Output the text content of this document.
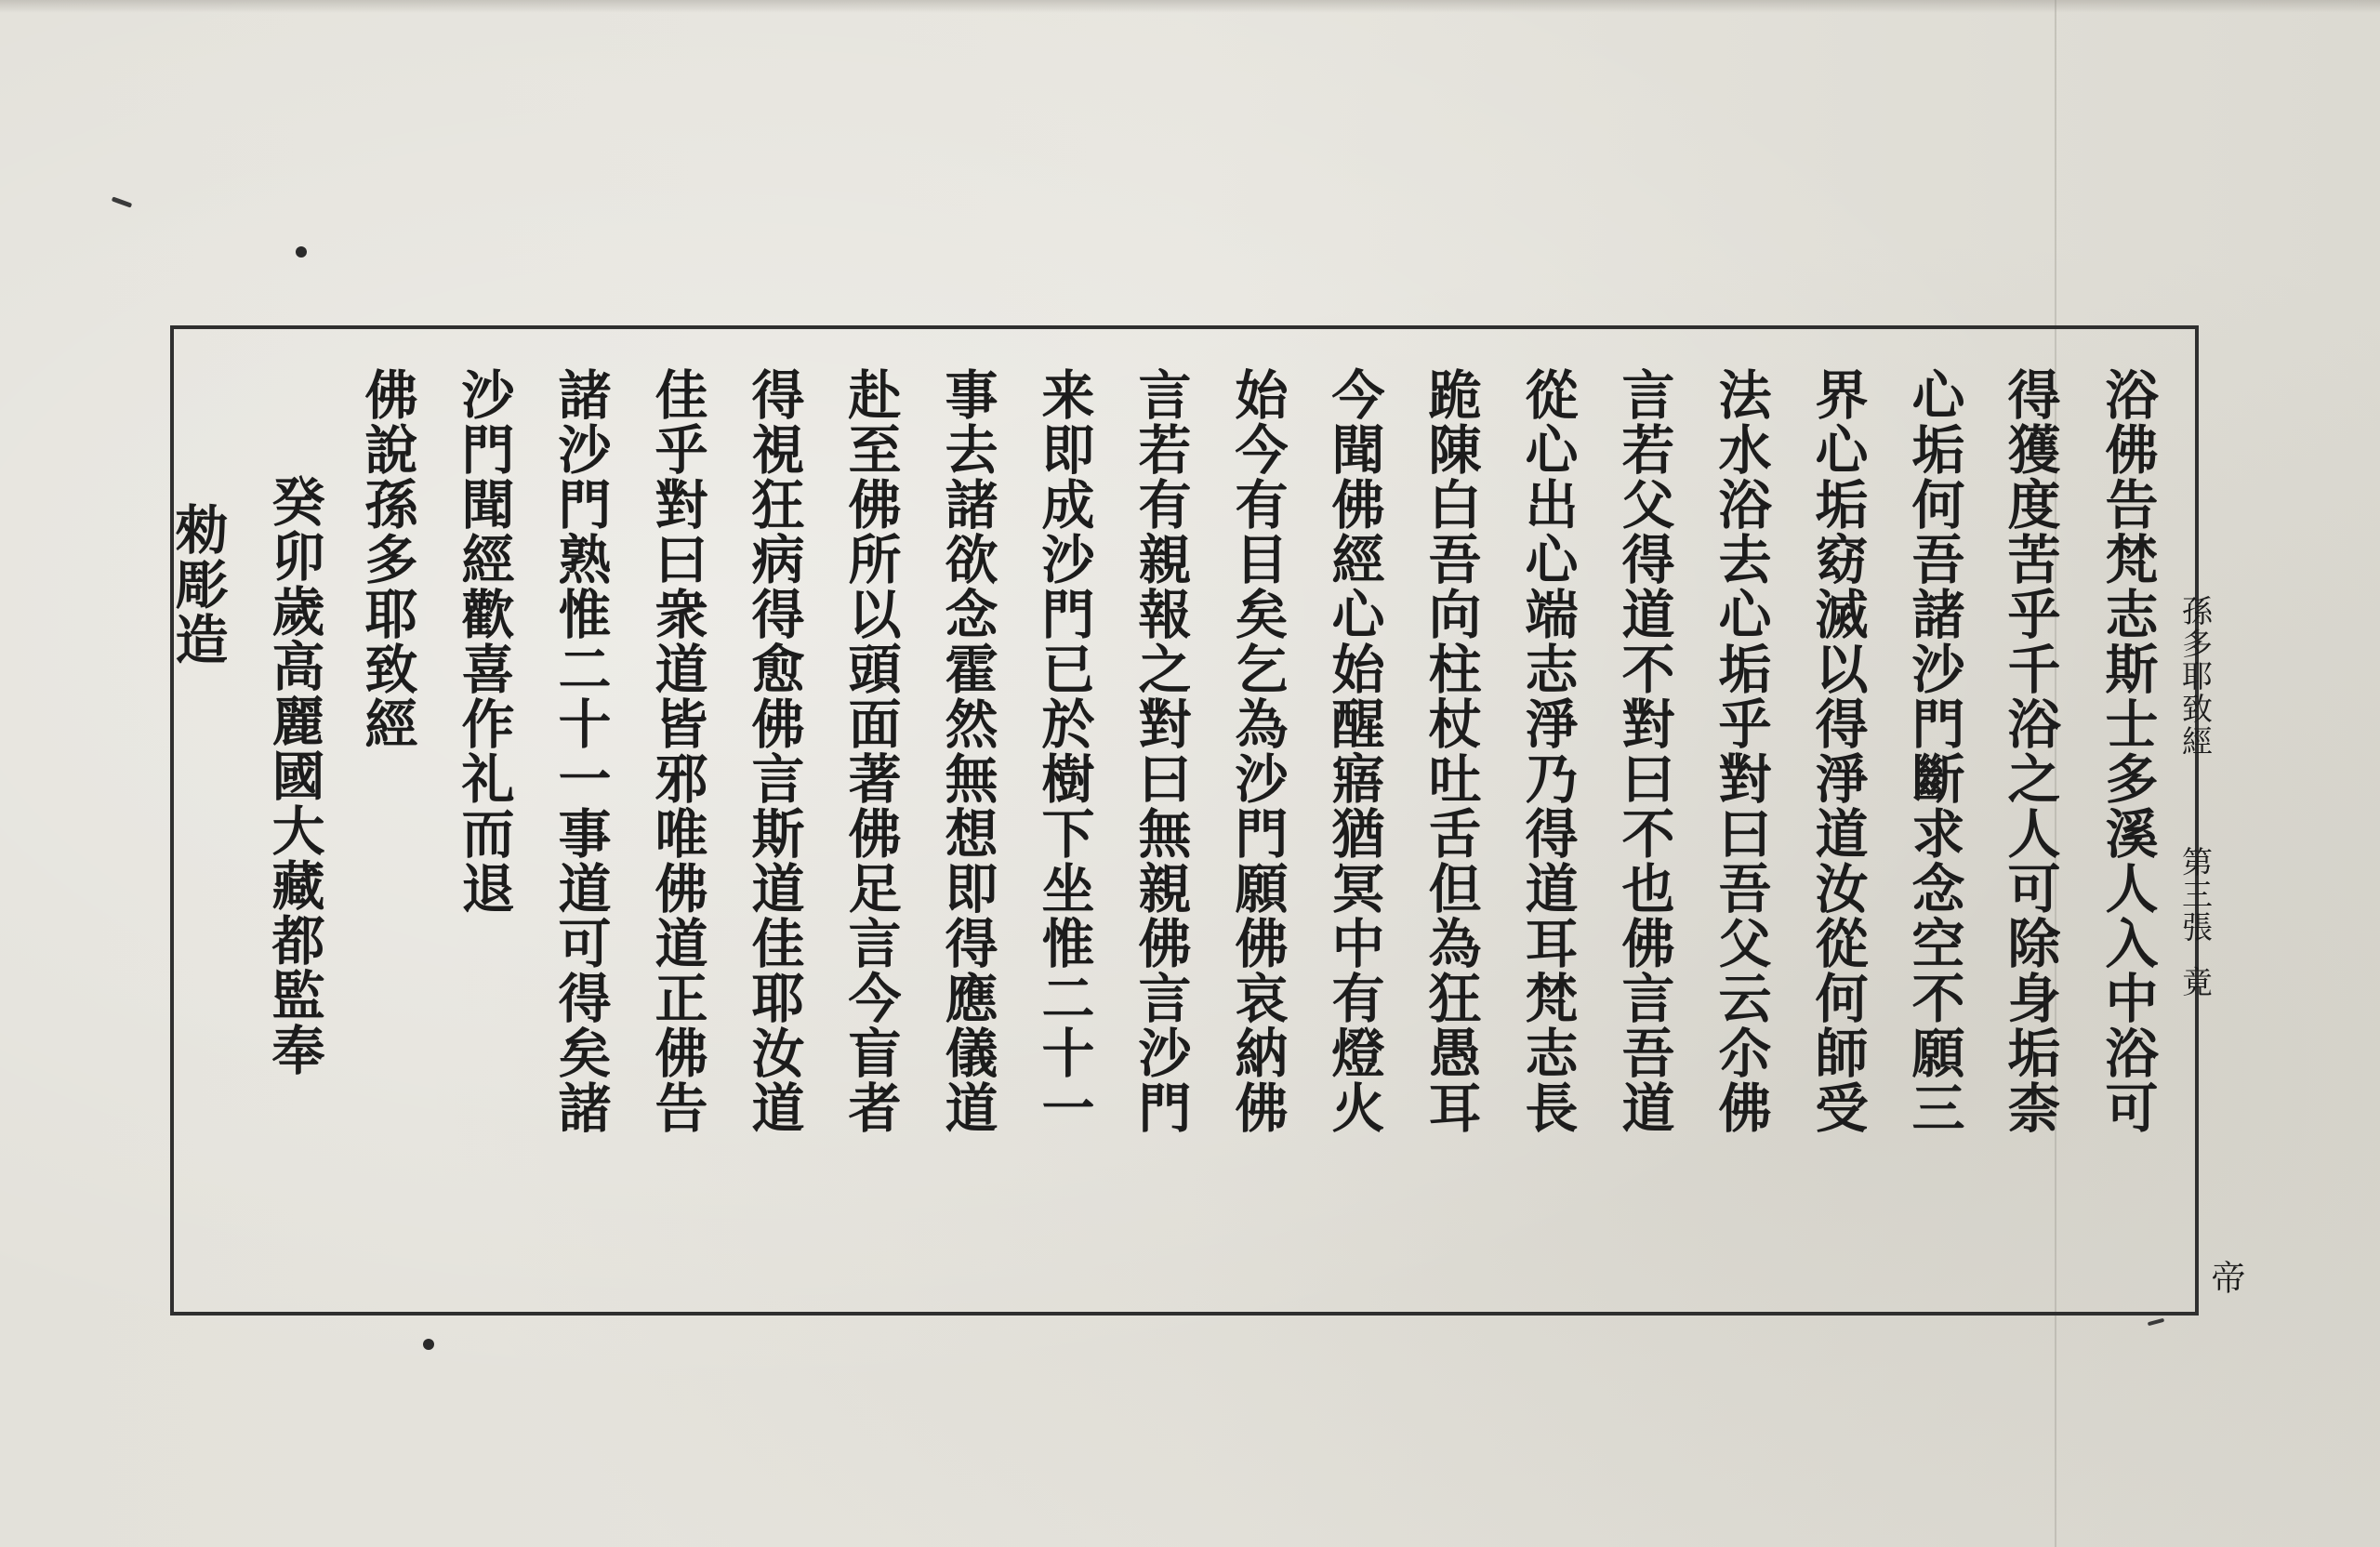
孫多耶致經
第三張竟
帝
浴佛告梵志斯士多溪人入中浴可
得獲度苦乎千浴之人可除身垢柰
心垢何吾諸沙門斷求念空不願三
界心垢窈滅以得淨道汝從何師受
法水浴去心垢乎對曰吾父云尒佛
言若父得道不對曰不也佛言吾道
從心出心端志淨乃得道耳梵志長
跪陳白吾向柱杖吐舌但為狂愚耳
今聞佛經心始醒寤猶冥中有燈火
始今有目矣乞為沙門願佛哀納佛
言若有親報之對曰無親佛言沙門
来即成沙門已於樹下坐惟二十一
事去諸欲念霍然無想即得應儀道
赴至佛所以頭面著佛足言今盲者
得視狂病得愈佛言斯道佳耶汝道
佳乎對曰衆道皆邪唯佛道正佛告
諸沙門熟惟二十一事道可得矣諸
沙門聞經歡喜作礼而退
佛說孫多耶致經
癸卯歲高麗國大藏都監奉
勑彫造
